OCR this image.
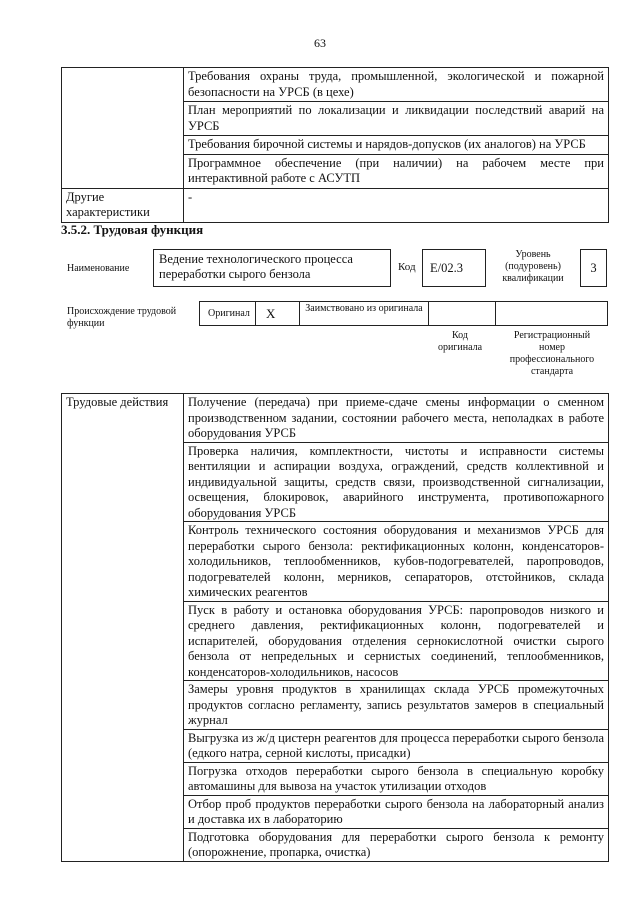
63
	Требования охраны труда, промышленной, экологической и пожарной безопасности на УРСБ (в цехе)
	План мероприятий по локализации и ликвидации последствий аварий на УРСБ
	Требования бирочной системы и нарядов-допусков (их аналогов) на УРСБ
	Программное обеспечение (при наличии) на рабочем месте при интерактивной работе с АСУТП
Другие характеристики	-
3.5.2. Трудовая функция
Наименование
Ведение технологического процесса переработки сырого бензола	Код	E/02.3
Уровень (подуровень) квалификации
3
Происхождение трудовой функции
Оригинал	X	Заимствовано из оригинала
Код оригинала
Регистрационный номер профессионального стандарта
Трудовые действия	Получение (передача) при приеме-сдаче смены информации о сменном производственном задании, состоянии рабочего места, неполадках в работе оборудования УРСБ
Проверка наличия, комплектности, чистоты и исправности системы вентиляции и аспирации воздуха, ограждений, средств коллективной и индивидуальной защиты, средств связи, производственной сигнализации, освещения, блокировок, аварийного инструмента, противопожарного оборудования УРСБ
Контроль технического состояния оборудования и механизмов УРСБ для переработки сырого бензола: ректификационных колонн, конденсаторов-холодильников, теплообменников, кубов-подогревателей, паропроводов, подогревателей колонн, мерников, сепараторов, отстойников, склада химических реагентов
Пуск в работу и остановка оборудования УРСБ: паропроводов низкого и среднего давления, ректификационных колонн, подогревателей и испарителей, оборудования отделения сернокислотной очистки сырого бензола от непредельных и сернистых соединений, теплообменников, конденсаторов-холодильников, насосов
Замеры уровня продуктов в хранилищах склада УРСБ промежуточных продуктов согласно регламенту, запись результатов замеров в специальный журнал
Выгрузка из ж/д цистерн реагентов для процесса переработки сырого бензола (едкого натра, серной кислоты, присадки)
Погрузка отходов переработки сырого бензола в специальную коробку автомашины для вывоза на участок утилизации отходов
Отбор проб продуктов переработки сырого бензола на лабораторный анализ и доставка их в лабораторию
Подготовка оборудования для переработки сырого бензола к ремонту (опорожнение, пропарка, очистка)
